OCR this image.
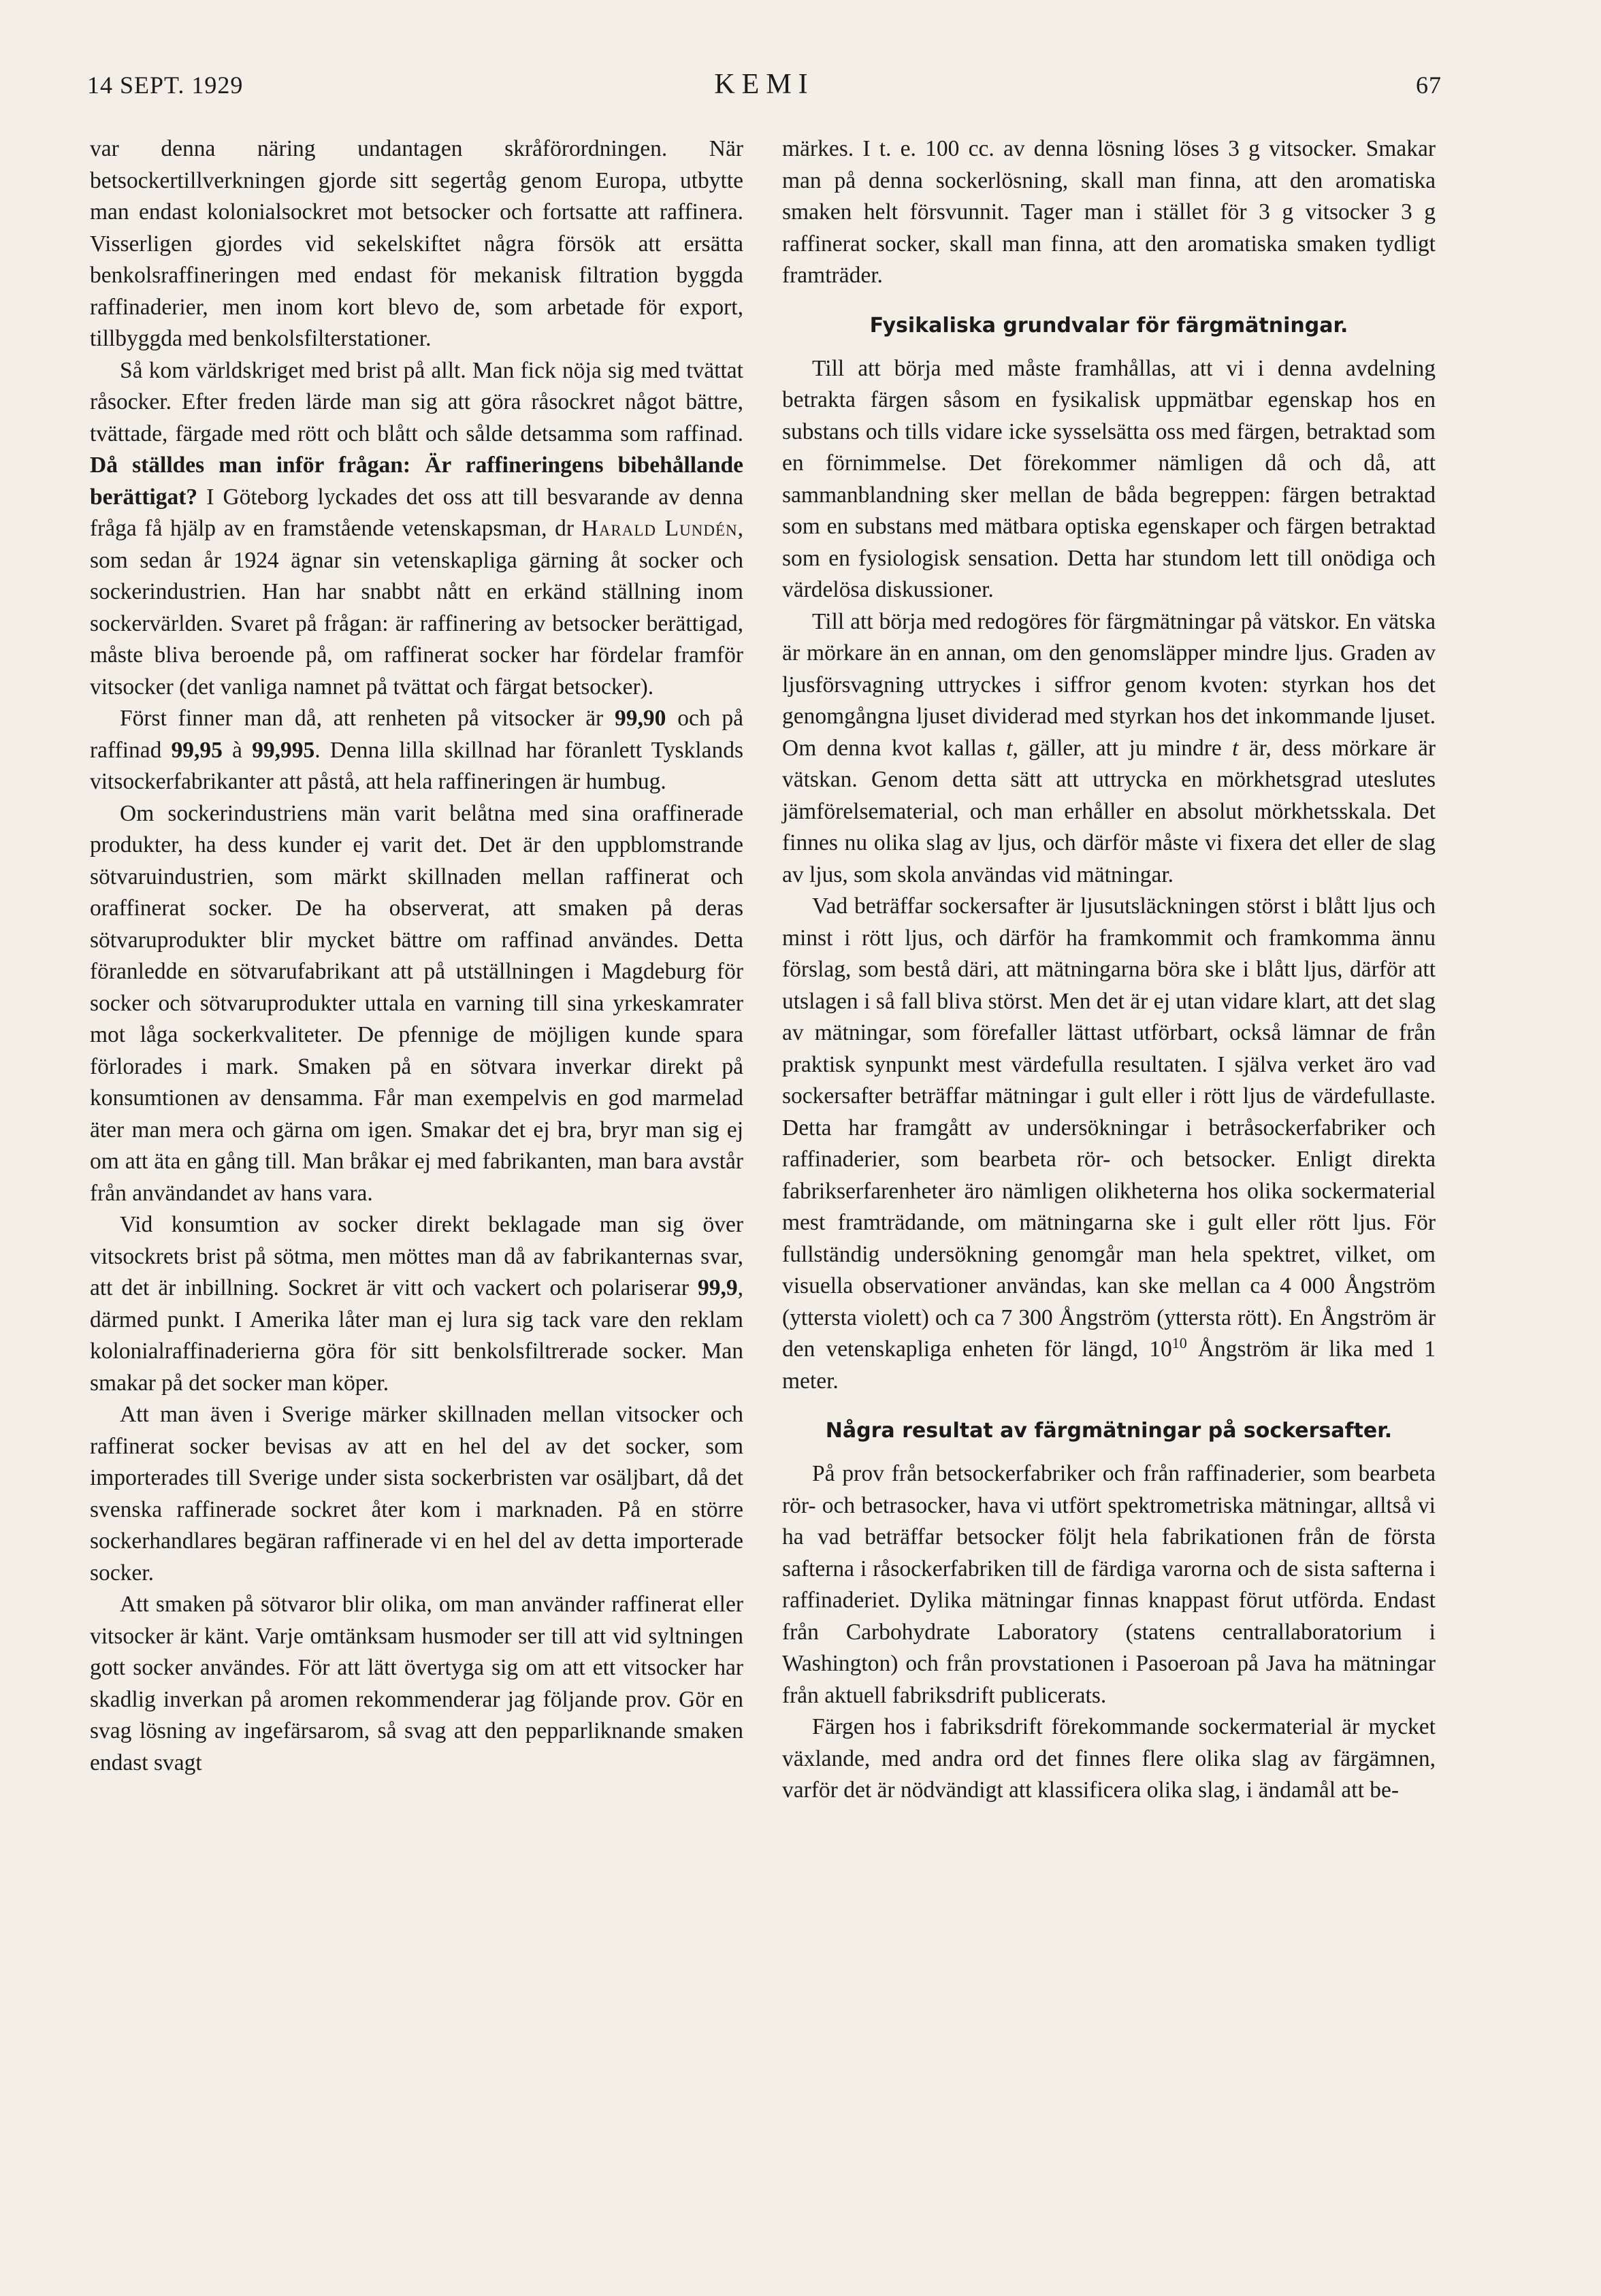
14 SEPT. 1929	KEMI	67

var denna näring undantagen skråförordningen. När betsockertillverkningen gjorde sitt segertåg genom Europa, utbytte man endast kolonialsockret mot betsocker och fortsatte att raffinera. Visserligen gjordes vid sekelskiftet några försök att ersätta benkolsraffineringen med endast för mekanisk filtration byggda raffinaderier, men inom kort blevo de, som arbetade för export, tillbyggda med benkolsfilterstationer.

Så kom världskriget med brist på allt. Man fick nöja sig med tvättat råsocker. Efter freden lärde man sig att göra råsockret något bättre, tvättade, färgade med rött och blått och sålde detsamma som raffinad. Då ställdes man inför frågan: Är raffineringens bibehållande berättigat? I Göteborg lyckades det oss att till besvarande av denna fråga få hjälp av en framstående vetenskapsman, dr Harald Lundén, som sedan år 1924 ägnar sin vetenskapliga gärning åt socker och sockerindustrien. Han har snabbt nått en erkänd ställning inom sockervärlden. Svaret på frågan: är raffinering av betsocker berättigad, måste bliva beroende på, om raffinerat socker har fördelar framför vitsocker (det vanliga namnet på tvättat och färgat betsocker).

Först finner man då, att renheten på vitsocker är 99,90 och på raffinad 99,95 à 99,995. Denna lilla skillnad har föranlett Tysklands vitsockerfabrikanter att påstå, att hela raffineringen är humbug.

Om sockerindustriens män varit belåtna med sina oraffinerade produkter, ha dess kunder ej varit det. Det är den uppblomstrande sötvaruindustrien, som märkt skillnaden mellan raffinerat och oraffinerat socker. De ha observerat, att smaken på deras sötvaruprodukter blir mycket bättre om raffinad användes. Detta föranledde en sötvarufabrikant att på utställningen i Magdeburg för socker och sötvaruprodukter uttala en varning till sina yrkeskamrater mot låga sockerkvaliteter. De pfennige de möjligen kunde spara förlorades i mark. Smaken på en sötvara inverkar direkt på konsumtionen av densamma. Får man exempelvis en god marmelad äter man mera och gärna om igen. Smakar det ej bra, bryr man sig ej om att äta en gång till. Man bråkar ej med fabrikanten, man bara avstår från användandet av hans vara.

Vid konsumtion av socker direkt beklagade man sig över vitsockrets brist på sötma, men möttes man då av fabrikanternas svar, att det är inbillning. Sockret är vitt och vackert och polariserar 99,9, därmed punkt. I Amerika låter man ej lura sig tack vare den reklam kolonialraffinaderierna göra för sitt benkolsfiltrerade socker. Man smakar på det socker man köper.

Att man även i Sverige märker skillnaden mellan vitsocker och raffinerat socker bevisas av att en hel del av det socker, som importerades till Sverige under sista sockerbristen var osäljbart, då det svenska raffinerade sockret åter kom i marknaden. På en större sockerhandlares begäran raffinerade vi en hel del av detta importerade socker.

Att smaken på sötvaror blir olika, om man använder raffinerat eller vitsocker är känt. Varje omtänksam husmoder ser till att vid syltningen gott socker användes. För att lätt övertyga sig om att ett vitsocker har skadlig inverkan på aromen rekommenderar jag följande prov. Gör en svag lösning av ingefärsarom, så svag att den pepparliknande smaken endast svagt

märkes. I t. e. 100 cc. av denna lösning löses 3 g vitsocker. Smakar man på denna sockerlösning, skall man finna, att den aromatiska smaken helt försvunnit. Tager man i stället för 3 g vitsocker 3 g raffinerat socker, skall man finna, att den aromatiska smaken tydligt framträder.

Fysikaliska grundvalar för färgmätningar.

Till att börja med måste framhållas, att vi i denna avdelning betrakta färgen såsom en fysikalisk uppmätbar egenskap hos en substans och tills vidare icke sysselsätta oss med färgen, betraktad som en förnimmelse. Det förekommer nämligen då och då, att sammanblandning sker mellan de båda begreppen: färgen betraktad som en substans med mätbara optiska egenskaper och färgen betraktad som en fysiologisk sensation. Detta har stundom lett till onödiga och värdelösa diskussioner.

Till att börja med redogöres för färgmätningar på vätskor. En vätska är mörkare än en annan, om den genomsläpper mindre ljus. Graden av ljusförsvagning uttryckes i siffror genom kvoten: styrkan hos det genomgångna ljuset dividerad med styrkan hos det inkommande ljuset. Om denna kvot kallas t, gäller, att ju mindre t är, dess mörkare är vätskan. Genom detta sätt att uttrycka en mörkhetsgrad uteslutes jämförelsematerial, och man erhåller en absolut mörkhetsskala. Det finnes nu olika slag av ljus, och därför måste vi fixera det eller de slag av ljus, som skola användas vid mätningar.

Vad beträffar sockersafter är ljusutsläckningen störst i blått ljus och minst i rött ljus, och därför ha framkommit och framkomma ännu förslag, som bestå däri, att mätningarna böra ske i blått ljus, därför att utslagen i så fall bliva störst. Men det är ej utan vidare klart, att det slag av mätningar, som förefaller lättast utförbart, också lämnar de från praktisk synpunkt mest värdefulla resultaten. I själva verket äro vad sockersafter beträffar mätningar i gult eller i rött ljus de värdefullaste. Detta har framgått av undersökningar i betråsockerfabriker och raffinaderier, som bearbeta rör- och betsocker. Enligt direkta fabrikserfarenheter äro nämligen olikheterna hos olika sockermaterial mest framträdande, om mätningarna ske i gult eller rött ljus. För fullständig undersökning genomgår man hela spektret, vilket, om visuella observationer användas, kan ske mellan ca 4 000 Ångström (yttersta violett) och ca 7 300 Ångström (yttersta rött). En Ångström är den vetenskapliga enheten för längd, $10^{10}$ Ångström är lika med 1 meter.

Några resultat av färgmätningar på sockersafter.

På prov från betsockerfabriker och från raffinaderier, som bearbeta rör- och betrasocker, hava vi utfört spektrometriska mätningar, alltså vi ha vad beträffar betsocker följt hela fabrikationen från de första safterna i råsockerfabriken till de färdiga varorna och de sista safterna i raffinaderiet. Dylika mätningar finnas knappast förut utförda. Endast från Carbohydrate Laboratory (statens centrallaboratorium i Washington) och från provstationen i Pasoeroan på Java ha mätningar från aktuell fabriksdrift publicerats.

Färgen hos i fabriksdrift förekommande sockermaterial är mycket växlande, med andra ord det finnes flere olika slag av färgämnen, varför det är nödvändigt att klassificera olika slag, i ändamål att be-
